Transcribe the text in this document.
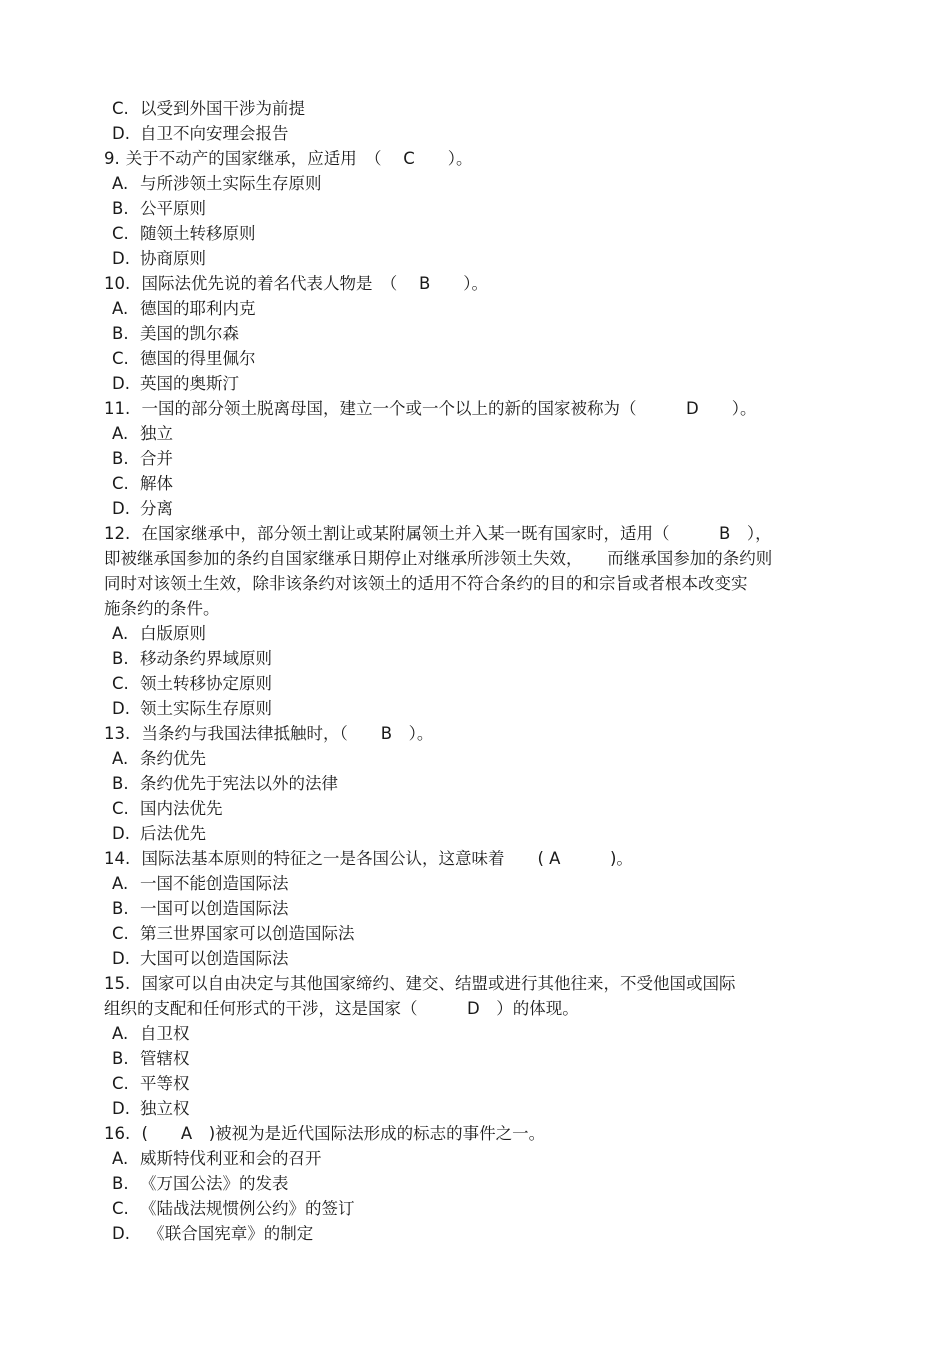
C. 以受到外国干涉为前提
D. 自卫不向安理会报告
9. 关于不动产的国家继承，应适用　（　 C　　）。
A. 与所涉领土实际生存原则
B. 公平原则
C. 随领土转移原则
D. 协商原则
10. 国际法优先说的着名代表人物是　（　 B　　）。
A. 德国的耶利内克
B. 美国的凯尔森
C. 德国的得里佩尔
D. 英国的奥斯汀
11. 一国的部分领土脱离母国，建立一个或一个以上的新的国家被称为（　　　D　　）。
A. 独立
B. 合并
C. 解体
D. 分离
12. 在国家继承中，部分领土割让或某附属领土并入某一既有国家时，适用（　　　B　），
即被继承国参加的条约自国家继承日期停止对继承所涉领土失效，　　而继承国参加的条约则
同时对该领土生效，除非该条约对该领土的适用不符合条约的目的和宗旨或者根本改变实
施条约的条件。
A. 白版原则
B. 移动条约界域原则
C. 领土转移协定原则
D. 领土实际生存原则
13. 当条约与我国法律抵触时，（　　B　）。
A. 条约优先
B. 条约优先于宪法以外的法律
C. 国内法优先
D. 后法优先
14. 国际法基本原则的特征之一是各国公认，这意味着　　( A　　　)。
A. 一国不能创造国际法
B. 一国可以创造国际法
C. 第三世界国家可以创造国际法
D. 大国可以创造国际法
15. 国家可以自由决定与其他国家缔约、建交、结盟或进行其他往来，不受他国或国际
组织的支配和任何形式的干涉，这是国家（　　　D　）的体现。
A. 自卫权
B. 管辖权
C. 平等权
D. 独立权
16. (　　A　)被视为是近代国际法形成的标志的事件之一。
A. 威斯特伐利亚和会的召开
B. 《万国公法》的发表
C. 《陆战法规惯例公约》的签订
D.　《联合国宪章》的制定
